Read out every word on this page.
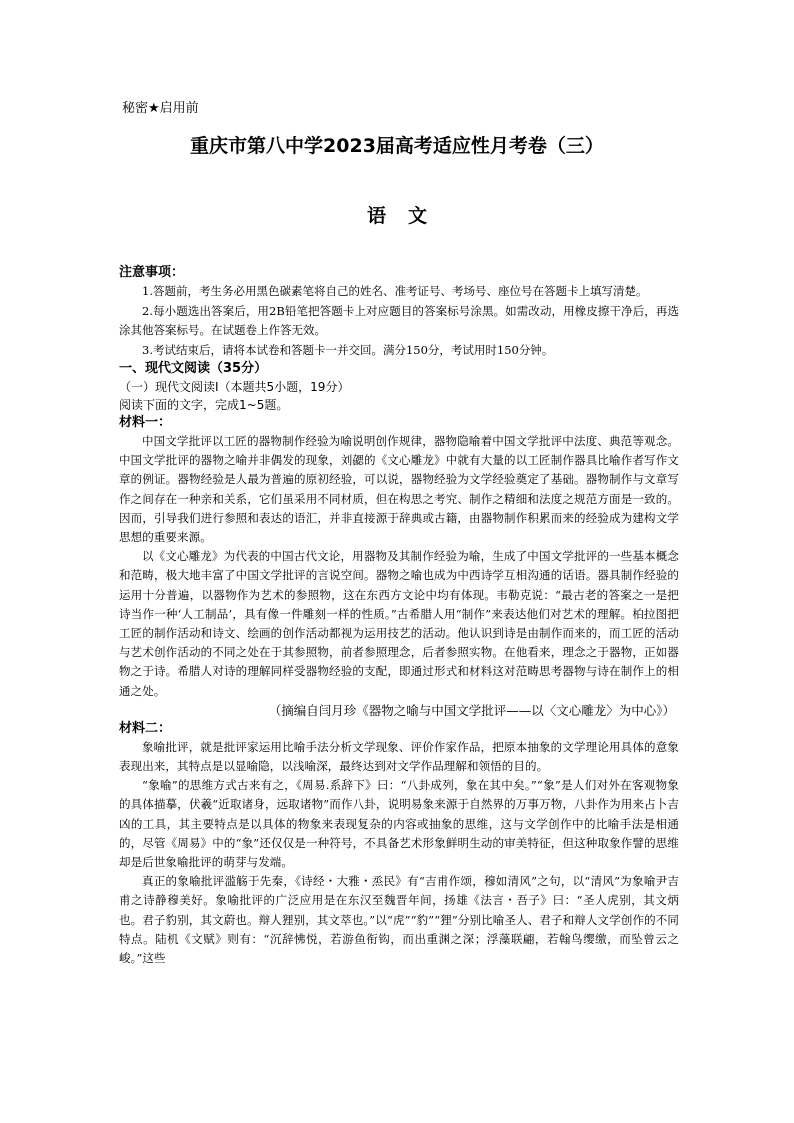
秘密★启用前
重庆市第八中学2023届高考适应性月考卷（三）
语文

注意事项：

1.答题前，考生务必用黑色碳素笔将自己的姓名、准考证号、考场号、座位号在答题卡上填写清楚。

2.每小题选出答案后，用2B铅笔把答题卡上对应题目的答案标号涂黑。如需改动，用橡皮擦干净后，再选涂其他答案标号。在试题卷上作答无效。

3.考试结束后，请将本试卷和答题卡一并交回。满分150分，考试用时150分钟。

一、现代文阅读（35分）

（一）现代文阅读Ⅰ（本题共5小题，19分）

阅读下面的文字，完成1~5题。

材料一：

中国文学批评以工匠的器物制作经验为喻说明创作规律，器物隐喻着中国文学批评中法度、典范等观念。中国文学批评的器物之喻并非偶发的现象，刘勰的《文心雕龙》中就有大量的以工匠制作器具比喻作者写作文章的例证。器物经验是人最为普遍的原初经验，可以说，器物经验为文学经验奠定了基础。器物制作与文章写作之间存在一种亲和关系，它们虽采用不同材质，但在构思之考究、制作之精细和法度之规范方面是一致的。因而，引导我们进行参照和表达的语汇，并非直接源于辞典或古籍，由器物制作积累而来的经验成为建构文学思想的重要来源。

以《文心雕龙》为代表的中国古代文论，用器物及其制作经验为喻，生成了中国文学批评的一些基本概念和范畴，极大地丰富了中国文学批评的言说空间。器物之喻也成为中西诗学互相沟通的话语。器具制作经验的运用十分普遍，以器物作为艺术的参照物，这在东西方文论中均有体现。韦勒克说：“最古老的答案之一是把诗当作一种‘人工制品’，具有像一件雕刻一样的性质。”古希腊人用“制作”来表达他们对艺术的理解。柏拉图把工匠的制作活动和诗文、绘画的创作活动都视为运用技艺的活动。他认识到诗是由制作而来的，而工匠的活动与艺术创作活动的不同之处在于其参照物，前者参照理念，后者参照实物。在他看来，理念之于器物，正如器物之于诗。希腊人对诗的理解同样受器物经验的支配，即通过形式和材料这对范畴思考器物与诗在制作上的相通之处。

（摘编自闫月珍《器物之喻与中国文学批评——以〈文心雕龙〉为中心》）

材料二：

象喻批评，就是批评家运用比喻手法分析文学现象、评价作家作品，把原本抽象的文学理论用具体的意象表现出来，其特点是以显喻隐，以浅喻深，最终达到对文学作品理解和领悟的目的。

“象喻”的思维方式古来有之，《周易.系辞下》曰：“八卦成列，象在其中矣。”“象”是人们对外在客观物象的具体描摹，伏羲“近取诸身，远取诸物”而作八卦，说明易象来源于自然界的万事万物，八卦作为用来占卜吉凶的工具，其主要特点是以具体的物象来表现复杂的内容或抽象的思维，这与文学创作中的比喻手法是相通的，尽管《周易》中的“象”还仅仅是一种符号，不具备艺术形象鲜明生动的审美特征，但这种取象作譬的思维却是后世象喻批评的萌芽与发端。

真正的象喻批评滥觞于先秦，《诗经・大雅・烝民》有“吉甫作颂，穆如清风”之句，以“清风”为象喻尹吉甫之诗静穆美好。象喻批评的广泛应用是在东汉至魏晋年间，扬雄《法言・吾子》曰：“圣人虎别，其文炳也。君子豹别，其文蔚也。辩人狸别，其文萃也。”以“虎”“豹”“狸”分别比喻圣人、君子和辩人文学创作的不同特点。陆机《文赋》则有：“沉辞怫悦，若游鱼衔钩，而出重渊之深；浮藻联翩，若翰鸟缨缴，而坠曾云之峻。”这些
